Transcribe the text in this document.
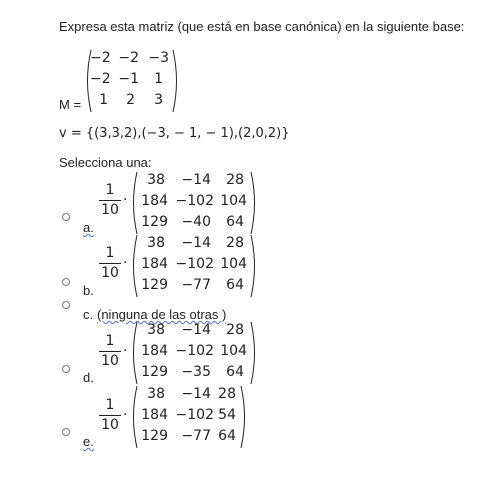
Expresa esta matriz (que está en base canónica) en la siguiente base:
M =
−2 −2 −3
−2 −1	1
1	2	3
v = {(3,3,2),(−3, − 1, − 1),(2,0,2)}
Selecciona una:
a.
1
10
·
38	−14	28
184 −102 104
129 −40	64
b.
1
10
·
38	−14	28
184 −102 104
129 −77	64
c. (ninguna de las otras )
d.
1
10
·
38	−14	28
184 −102 104
129 −35	64
e.
1
10
·
38	−14 28
184 −102 54
129 −77 64
